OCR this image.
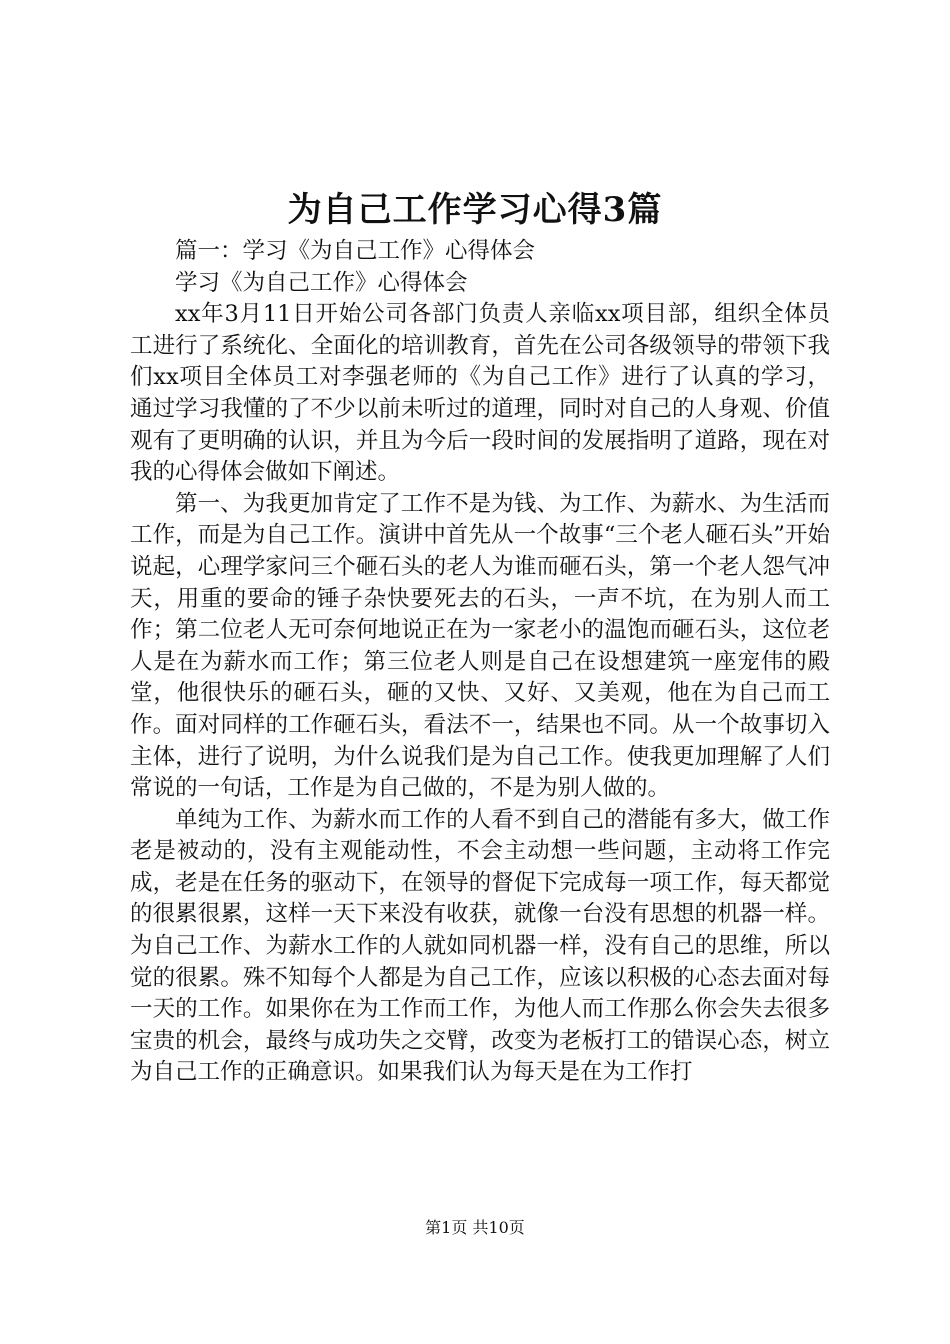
为自己工作学习心得3篇

篇一：学习《为自己工作》心得体会

学习《为自己工作》心得体会

xx年3月11日开始公司各部门负责人亲临xx项目部，组织全体员工进行了系统化、全面化的培训教育，首先在公司各级领导的带领下我们xx项目全体员工对李强老师的《为自己工作》进行了认真的学习，通过学习我懂的了不少以前未听过的道理，同时对自己的人身观、价值观有了更明确的认识，并且为今后一段时间的发展指明了道路，现在对我的心得体会做如下阐述。

第一、为我更加肯定了工作不是为钱、为工作、为薪水、为生活而工作，而是为自己工作。演讲中首先从一个故事“三个老人砸石头”开始说起，心理学家问三个砸石头的老人为谁而砸石头，第一个老人怨气冲天，用重的要命的锤子杂快要死去的石头，一声不坑，在为别人而工作；第二位老人无可奈何地说正在为一家老小的温饱而砸石头，这位老人是在为薪水而工作；第三位老人则是自己在设想建筑一座宠伟的殿堂，他很快乐的砸石头，砸的又快、又好、又美观，他在为自己而工作。面对同样的工作砸石头，看法不一，结果也不同。从一个故事切入主体，进行了说明，为什么说我们是为自己工作。使我更加理解了人们常说的一句话，工作是为自己做的，不是为别人做的。

单纯为工作、为薪水而工作的人看不到自己的潜能有多大，做工作老是被动的，没有主观能动性，不会主动想一些问题，主动将工作完成，老是在任务的驱动下，在领导的督促下完成每一项工作，每天都觉的很累很累，这样一天下来没有收获，就像一台没有思想的机器一样。为自己工作、为薪水工作的人就如同机器一样，没有自己的思维，所以觉的很累。殊不知每个人都是为自己工作，应该以积极的心态去面对每一天的工作。如果你在为工作而工作，为他人而工作那么你会失去很多宝贵的机会，最终与成功失之交臂，改变为老板打工的错误心态，树立为自己工作的正确意识。如果我们认为每天是在为工作打

第1页 共10页
